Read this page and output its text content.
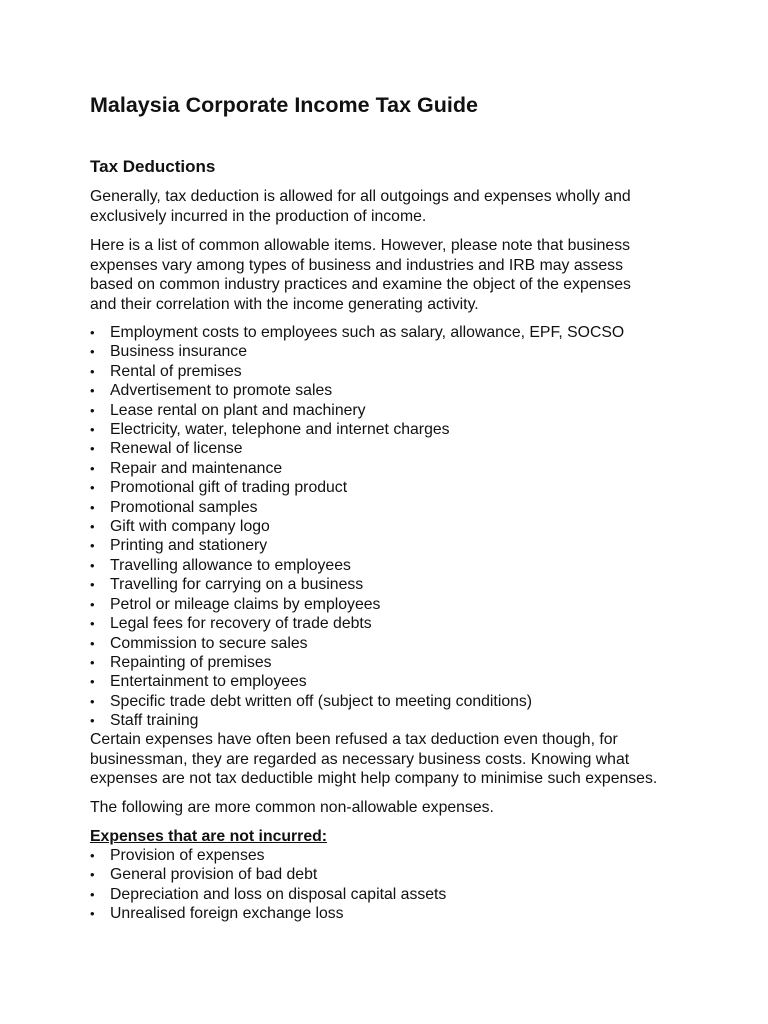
Malaysia Corporate Income Tax Guide
Tax Deductions

Generally, tax deduction is allowed for all outgoings and expenses wholly and
exclusively incurred in the production of income.

Here is a list of common allowable items. However, please note that business
expenses vary among types of business and industries and IRB may assess
based on common industry practices and examine the object of the expenses
and their correlation with the income generating activity.

• Employment costs to employees such as salary, allowance, EPF, SOCSO
• Business insurance
• Rental of premises
• Advertisement to promote sales
• Lease rental on plant and machinery
• Electricity, water, telephone and internet charges
• Renewal of license
• Repair and maintenance
• Promotional gift of trading product
• Promotional samples
• Gift with company logo
• Printing and stationery
• Travelling allowance to employees
• Travelling for carrying on a business
• Petrol or mileage claims by employees
• Legal fees for recovery of trade debts
• Commission to secure sales
• Repainting of premises
• Entertainment to employees
• Specific trade debt written off (subject to meeting conditions)
• Staff training

Certain expenses have often been refused a tax deduction even though, for
businessman, they are regarded as necessary business costs. Knowing what
expenses are not tax deductible might help company to minimise such expenses.

The following are more common non-allowable expenses.

Expenses that are not incurred:

• Provision of expenses
• General provision of bad debt
• Depreciation and loss on disposal capital assets
• Unrealised foreign exchange loss
